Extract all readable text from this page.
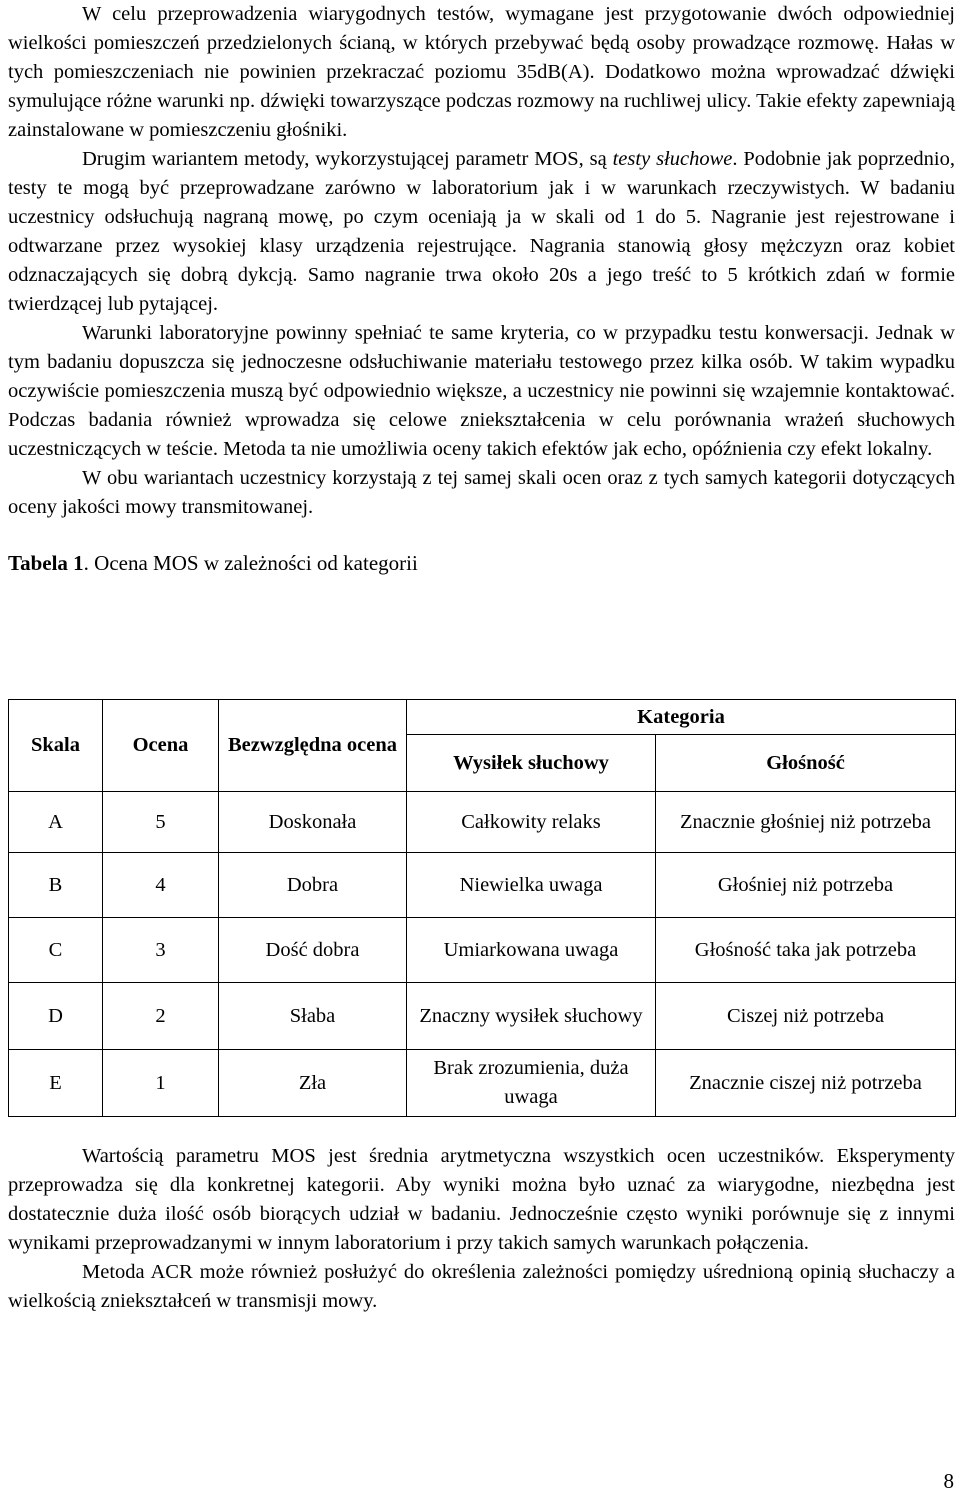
W celu przeprowadzenia wiarygodnych testów, wymagane jest przygotowanie dwóch odpowiedniej wielkości pomieszczeń przedzielonych ścianą, w których przebywać będą osoby prowadzące rozmowę. Hałas w tych pomieszczeniach nie powinien przekraczać poziomu 35dB(A). Dodatkowo można wprowadzać dźwięki symulujące różne warunki np. dźwięki towarzyszące podczas rozmowy na ruchliwej ulicy. Takie efekty zapewniają zainstalowane w pomieszczeniu głośniki.

Drugim wariantem metody, wykorzystującej parametr MOS, są testy słuchowe. Podobnie jak poprzednio, testy te mogą być przeprowadzane zarówno w laboratorium jak i w warunkach rzeczywistych. W badaniu uczestnicy odsłuchują nagraną mowę, po czym oceniają ja w skali od 1 do 5. Nagranie jest rejestrowane i odtwarzane przez wysokiej klasy urządzenia rejestrujące. Nagrania stanowią głosy mężczyzn oraz kobiet odznaczających się dobrą dykcją. Samo nagranie trwa około 20s a jego treść to 5 krótkich zdań w formie twierdzącej lub pytającej.

Warunki laboratoryjne powinny spełniać te same kryteria, co w przypadku testu konwersacji. Jednak w tym badaniu dopuszcza się jednoczesne odsłuchiwanie materiału testowego przez kilka osób. W takim wypadku oczywiście pomieszczenia muszą być odpowiednio większe, a uczestnicy nie powinni się wzajemnie kontaktować. Podczas badania również wprowadza się celowe zniekształcenia w celu porównania wrażeń słuchowych uczestniczących w teście. Metoda ta nie umożliwia oceny takich efektów jak echo, opóźnienia czy efekt lokalny.

W obu wariantach uczestnicy korzystają z tej samej skali ocen oraz z tych samych kategorii dotyczących oceny jakości mowy transmitowanej.

Tabela 1. Ocena MOS w zależności od kategorii
Skala	Ocena	Bezwzględna ocena	Kategoria	
			Wysiłek słuchowy	Głośność
A	5	Doskonała	Całkowity relaks	Znacznie głośniej niż potrzeba
B	4	Dobra	Niewielka uwaga	Głośniej niż potrzeba
C	3	Dość dobra	Umiarkowana uwaga	Głośność taka jak potrzeba
D	2	Słaba	Znaczny wysiłek słuchowy	Ciszej niż potrzeba
E	1	Zła	Brak zrozumienia, duża uwaga	Znacznie ciszej niż potrzeba

Wartością parametru MOS jest średnia arytmetyczna wszystkich ocen uczestników. Eksperymenty przeprowadza się dla konkretnej kategorii. Aby wyniki można było uznać za wiarygodne, niezbędna jest dostatecznie duża ilość osób biorących udział w badaniu. Jednocześnie często wyniki porównuje się z innymi wynikami przeprowadzanymi w innym laboratorium i przy takich samych warunkach połączenia.

Metoda ACR może również posłużyć do określenia zależności pomiędzy uśrednioną opinią słuchaczy a wielkością zniekształceń w transmisji mowy.

8
